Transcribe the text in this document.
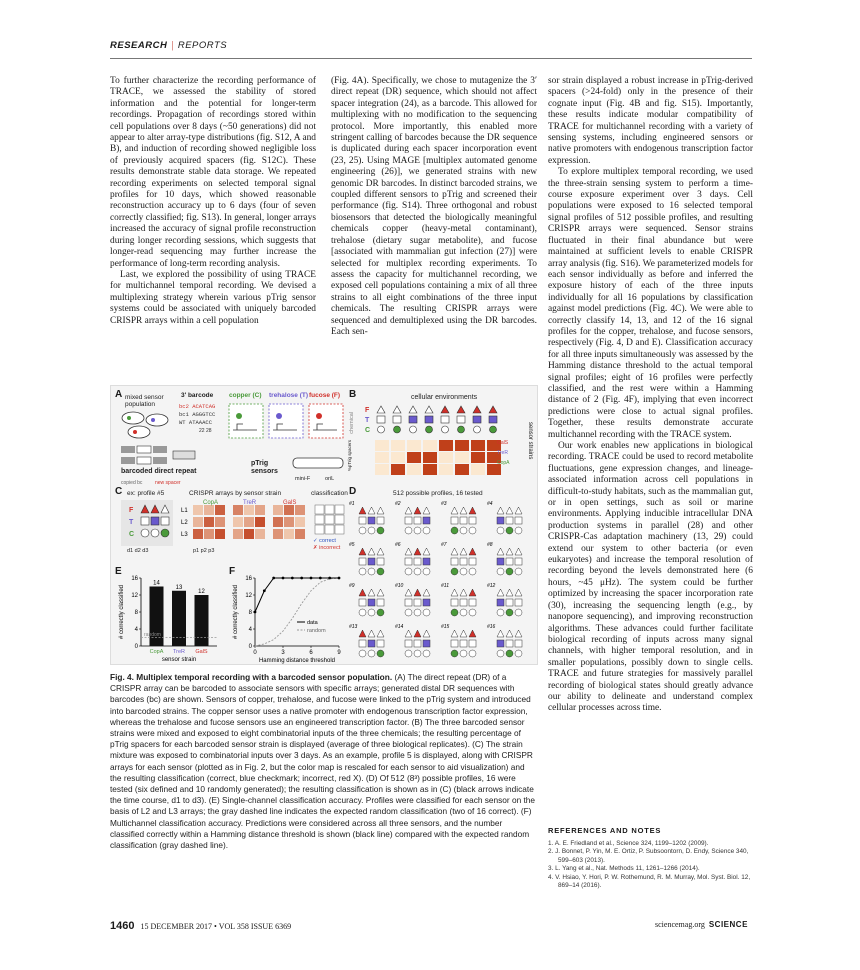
RESEARCH | REPORTS

To further characterize the recording performance of TRACE, we assessed the stability of stored information and the potential for longer-term recordings. Propagation of recordings stored within cell populations over 8 days (~50 generations) did not appear to alter array-type distributions (fig. S12, A and B), and induction of recording showed negligible loss of previously acquired spacers (fig. S12C). These results demonstrate stable data storage. We repeated recording experiments on selected temporal signal profiles for 10 days, which showed reasonable reconstruction accuracy up to 6 days (four of seven correctly classified; fig. S13). In general, longer arrays increased the accuracy of signal profile reconstruction during longer recording sessions, which suggests that longer-read sequencing may further increase the performance of long-term recording analysis.

Last, we explored the possibility of using TRACE for multichannel temporal recording. We devised a multiplexing strategy wherein various pTrig sensor systems could be associated with uniquely barcoded CRISPR arrays within a cell population

(Fig. 4A). Specifically, we chose to mutagenize the 3′ direct repeat (DR) sequence, which should not affect spacer integration (24), as a barcode. This allowed for multiplexing with no modification to the sequencing protocol. More importantly, this enabled more stringent calling of barcodes because the DR sequence is duplicated during each spacer incorporation event (23, 25). Using MAGE [multiplex automated genome engineering (26)], we generated strains with new genomic DR barcodes. In distinct barcoded strains, we coupled different sensors to pTrig and screened their performance (fig. S14). Three orthogonal and robust biosensors that detected the biologically meaningful chemicals copper (heavy-metal contaminant), trehalose (dietary sugar metabolite), and fucose [associated with mammalian gut infection (27)] were selected for multiplex recording experiments. To assess the capacity for multichannel recording, we exposed cell populations containing a mix of all three strains to all eight combinations of the three input chemicals. The resulting CRISPR arrays were sequenced and demultiplexed using the DR barcodes. Each sen-

sor strain displayed a robust increase in pTrig-derived spacers (>24-fold) only in the presence of their cognate input (Fig. 4B and fig. S15). Importantly, these results indicate modular compatibility of TRACE for multichannel recording with a variety of sensing systems, including engineered sensors or native promoters with endogenous transcription factor expression.

To explore multiplex temporal recording, we used the three-strain sensing system to perform a time-course exposure experiment over 3 days. Cell populations were exposed to 16 selected temporal signal profiles of 512 possible profiles, and resulting CRISPR arrays were sequenced. Sensor strains fluctuated in their final abundance but were maintained at sufficient levels to enable CRISPR array analysis (fig. S16). We parameterized models for each sensor individually as before and inferred the exposure history of each of the three inputs individually for all 16 populations by classification against model predictions (Fig. 4C). We were able to correctly classify 14, 13, and 12 of the 16 signal profiles for the copper, trehalose, and fucose sensors, respectively (Fig. 4, D and E). Classification accuracy for all three inputs simultaneously was assessed by the Hamming distance threshold to the actual temporal signal profiles; eight of 16 profiles were perfectly classified, and the rest were within a Hamming distance of 2 (Fig. 4F), implying that even incorrect predictions were close to actual signal profiles. Together, these results demonstrate accurate multichannel recording with the TRACE system.

Our work enables new applications in biological recording. TRACE could be used to record metabolite fluctuations, gene expression changes, and lineage-associated information across cell populations in difficult-to-study habitats, such as the mammalian gut, or in open settings, such as soil or marine environments. Applying inducible intracellular DNA production systems in parallel (28) and other CRISPR-Cas adaptation machinery (13, 29) could extend our system to other bacteria (or even eukaryotes) and increase the temporal resolution of recording beyond the levels demonstrated here (6 hours, ~45 μHz). The system could be further optimized by increasing the spacer incorporation rate (30), increasing the sequencing length (e.g., by nanopore sequencing), and improving reconstruction algorithms. These advances could further facilitate biological recording of inputs across many signal channels, with higher temporal resolution, and in smaller populations, possibly down to single cells. TRACE and future strategies for massively parallel recording of biological states should greatly advance our ability to delineate and understand complex cellular processes across time.

A mixed sensor population
3' barcode
bc2 ACATCAG
bc1 AGGGTCC
WT ATAAACC
22 28
barcoded direct repeat
copied bc	new spacer
copper (C) trehalose (T) fucose (F)
pTrig sensors
mini-F	oriL
B	cellular environments
chemical
F
T
C	sensor strains
GalS
TreR
CopA
%pTrig spacers
C ex: profile #5	CRISPR arrays by sensor strain	classification
F
T
C
L1
L2
L3
d1 d2 d3	p1 p2 p3
CopA	TreR	GalS
✓ correct
✗ incorrect
D	512 possible profiles, 16 tested
#1	#2	#3	#4
#5	#6	#7	#8
#9	#10	#11	#12
#13	#14	#15	#16
E
0
4
8
12
16
14
CopA
13
TreR
12
GalS
random
sensor strain
# correctly classified
F
0
4
8
12
16
0	3	6	9
data
random
Hamming distance threshold
# correctly classified
Fig. 4. Multiplex temporal recording with a barcoded sensor population. (A) The direct repeat (DR) of a CRISPR array can be barcoded to associate sensors with specific arrays; generated distal DR sequences with barcodes (bc) are shown. Sensors of copper, trehalose, and fucose were linked to the pTrig system and introduced into barcoded strains. The copper sensor uses a native promoter with endogenous transcription factor expression, whereas the trehalose and fucose sensors use an engineered transcription factor. (B) The three barcoded sensor strains were mixed and exposed to eight combinatorial inputs of the three chemicals; the resulting percentage of pTrig spacers for each barcoded sensor strain is displayed (average of three biological replicates). (C) The strain mixture was exposed to combinatorial inputs over 3 days. As an example, profile 5 is displayed, along with CRISPR arrays for each sensor (plotted as in Fig. 2, but the color map is rescaled for each sensor to aid visualization) and the resulting classification (correct, blue checkmark; incorrect, red X). (D) Of 512 (8³) possible profiles, 16 were tested (six defined and 10 randomly generated); the resulting classification is shown as in (C) (black arrows indicate the time course, d1 to d3). (E) Single-channel classification accuracy. Profiles were classified for each sensor on the basis of L2 and L3 arrays; the gray dashed line indicates the expected random classification (two of 16 correct). (F) Multichannel classification accuracy. Predictions were considered across all three sensors, and the number classified correctly within a Hamming distance threshold is shown (black line) compared with the expected random classification (gray dashed line).
REFERENCES AND NOTES
1. A. E. Friedland et al., Science 324, 1199–1202 (2009).
2. J. Bonnet, P. Yin, M. E. Ortiz, P. Subsoontorn, D. Endy, Science 340, 599–603 (2013).
3. L. Yang et al., Nat. Methods 11, 1261–1266 (2014).
4. V. Hsiao, Y. Hori, P. W. Rothemund, R. M. Murray, Mol. Syst. Biol. 12, 869–14 (2016).
1460 15 DECEMBER 2017 • VOL 358 ISSUE 6369	sciencemag.org SCIENCE
